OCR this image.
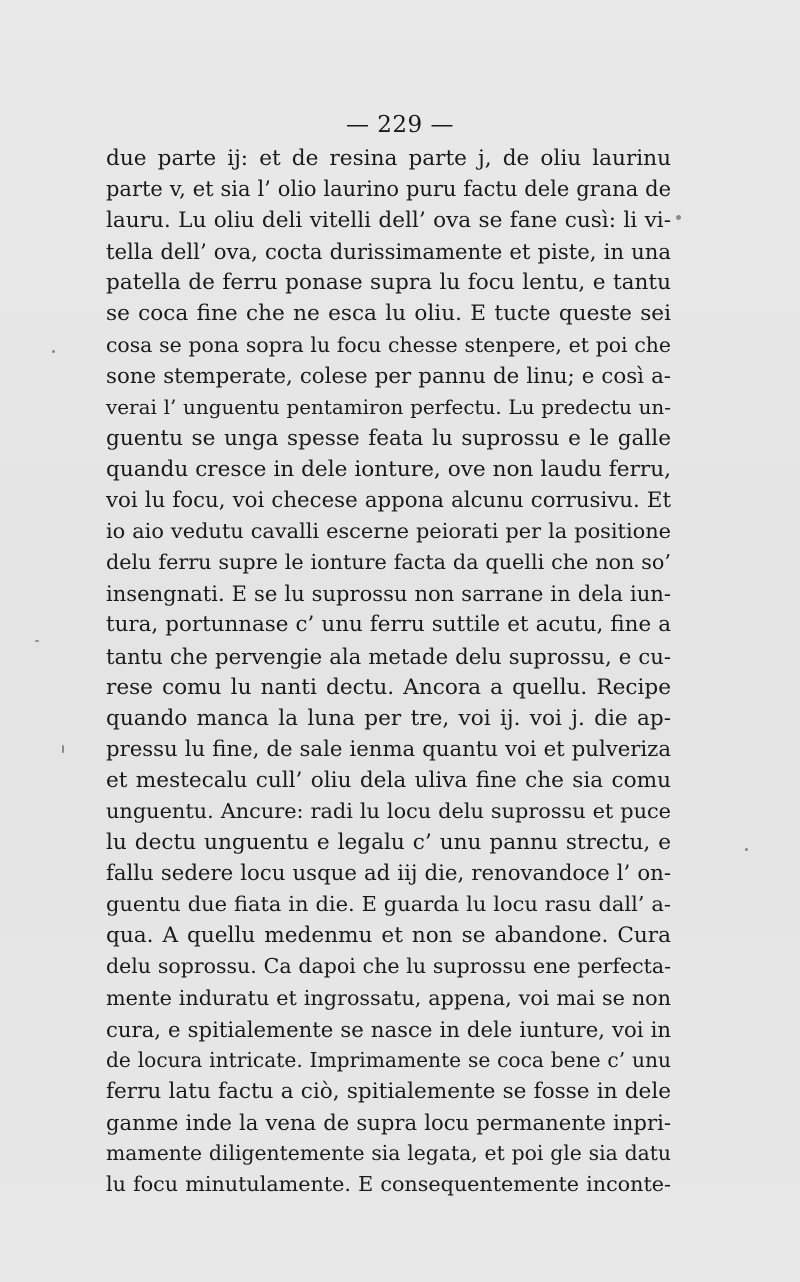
— 229 —
due parte ij: et de resina parte j, de oliu laurinu
parte v, et sia l’ olio laurino puru factu dele grana de
lauru. Lu oliu deli vitelli dell’ ova se fane cusì: li vi-
tella dell’ ova, cocta durissimamente et piste, in una
patella de ferru ponase supra lu focu lentu, e tantu
se coca fine che ne esca lu oliu. E tucte queste sei
cosa se pona sopra lu focu chesse stenpere, et poi che
sone stemperate, colese per pannu de linu; e così a-
verai l’ unguentu pentamiron perfectu. Lu predectu un-
guentu se unga spesse feata lu suprossu e le galle
quandu cresce in dele ionture, ove non laudu ferru,
voi lu focu, voi checese appona alcunu corrusivu. Et
io aio vedutu cavalli escerne peiorati per la positione
delu ferru supre le ionture facta da quelli che non so’
insengnati. E se lu suprossu non sarrane in dela iun-
tura, portunnase c’ unu ferru suttile et acutu, fine a
tantu che pervengie ala metade delu suprossu, e cu-
rese comu lu nanti dectu. Ancora a quellu. Recipe
quando manca la luna per tre, voi ij. voi j. die ap-
pressu lu fine, de sale ienma quantu voi et pulveriza
et mestecalu cull’ oliu dela uliva fine che sia comu
unguentu. Ancure: radi lu locu delu suprossu et puce
lu dectu unguentu e legalu c’ unu pannu strectu, e
fallu sedere locu usque ad iij die, renovandoce l’ on-
guentu due fiata in die. E guarda lu locu rasu dall’ a-
qua. A quellu medenmu et non se abandone. Cura
delu soprossu. Ca dapoi che lu suprossu ene perfecta-
mente induratu et ingrossatu, appena, voi mai se non
cura, e spitialemente se nasce in dele iunture, voi in
de locura intricate. Imprimamente se coca bene c’ unu
ferru latu factu a ciò, spitialemente se fosse in dele
ganme inde la vena de supra locu permanente inpri-
mamente diligentemente sia legata, et poi gle sia datu
lu focu minutulamente. E consequentemente inconte-
